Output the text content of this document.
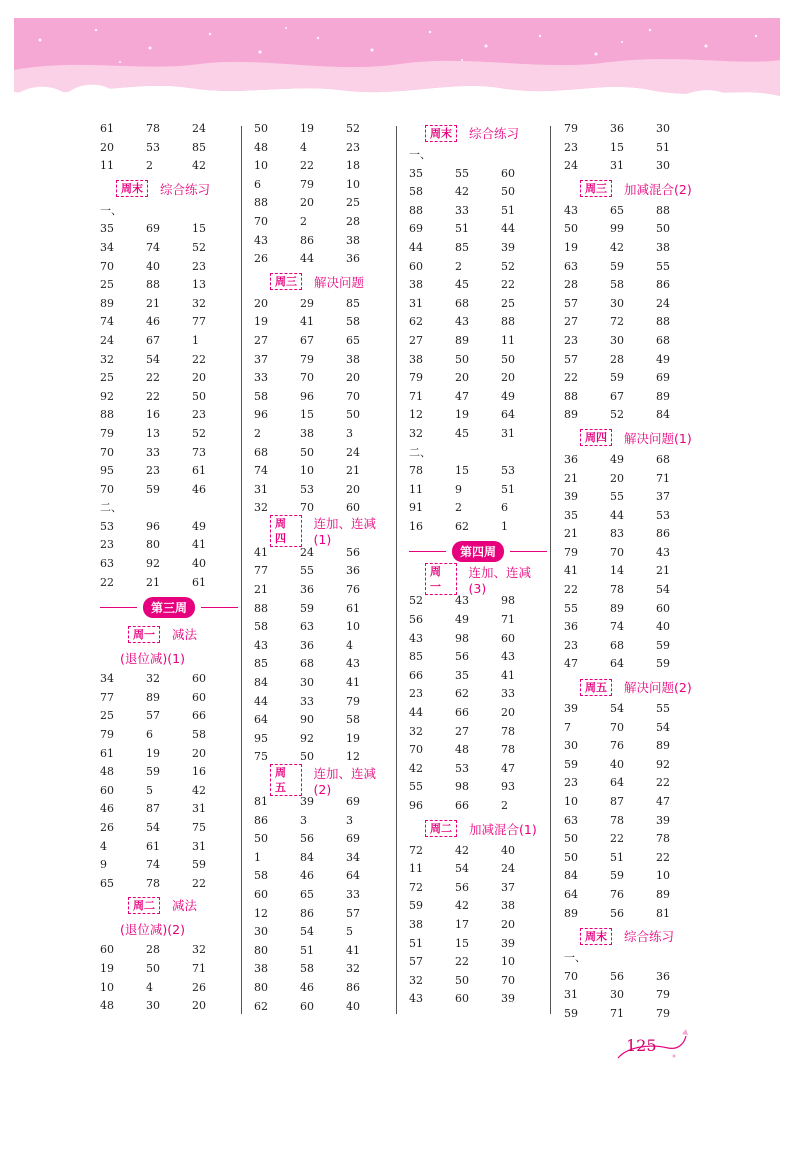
61	78	24
20	53	85
11	2	42
周末	综合练习
一、
35	69	15
34	74	52
70	40	23
25	88	13
89	21	32
74	46	77
24	67	1
32	54	22
25	22	20
92	22	50
88	16	23
79	13	52
70	33	73
95	23	61
70	59	46
二、
53	96	49
23	80	41
63	92	40
22	21	61
第三周
周一	减法
(退位减)(1)
34	32	60
77	89	60
25	57	66
79	6	58
61	19	20
48	59	16
60	5	42
46	87	31
26	54	75
4	61	31
9	74	59
65	78	22
周二	减法
(退位减)(2)
60	28	32
19	50	71
10	4	26
48	30	20
50	19	52
48	4	23
10	22	18
6	79	10
88	20	25
70	2	28
43	86	38
26	44	36
周三	解决问题
20	29	85
19	41	58
27	67	65
37	79	38
33	70	20
58	96	70
96	15	50
2	38	3
68	50	24
74	10	21
31	53	20
32	70	60
周四
连加、连减(1)
41	24	56
77	55	36
21	36	76
88	59	61
58	63	10
43	36	4
85	68	43
84	30	41
44	33	79
64	90	58
95	92	19
75	50	12
周五
连加、连减(2)
81	39	69
86	3	3
50	56	69
1	84	34
58	46	64
60	65	33
12	86	57
30	54	5
80	51	41
38	58	32
80	46	86
62	60	40
周末	综合练习
一、
35	55	60
58	42	50
88	33	51
69	51	44
44	85	39
60	2	52
38	45	22
31	68	25
62	43	88
27	89	11
38	50	50
79	20	20
71	47	49
12	19	64
32	45	31
二、
78	15	53
11	9	51
91	2	6
16	62	1
第四周
周一
连加、连减(3)
52	43	98
56	49	71
43	98	60
85	56	43
66	35	41
23	62	33
44	66	20
32	27	78
70	48	78
42	53	47
55	98	93
96	66	2
周二	加减混合(1)
72	42	40
11	54	24
72	56	37
59	42	38
38	17	20
51	15	39
57	22	10
32	50	70
43	60	39
79	36	30
23	15	51
24	31	30
周三	加减混合(2)
43	65	88
50	99	50
19	42	38
63	59	55
28	58	86
57	30	24
27	72	88
23	30	68
57	28	49
22	59	69
88	67	89
89	52	84
周四	解决问题(1)
36	49	68
21	20	71
39	55	37
35	44	53
21	83	86
79	70	43
41	14	21
22	78	54
55	89	60
36	74	40
23	68	59
47	64	59
周五	解决问题(2)
39	54	55
7	70	54
30	76	89
59	40	92
23	64	22
10	87	47
63	78	39
50	22	78
50	51	22
84	59	10
64	76	89
89	56	81
周末	综合练习
一、
70	56	36
31	30	79
59	71	79
125
